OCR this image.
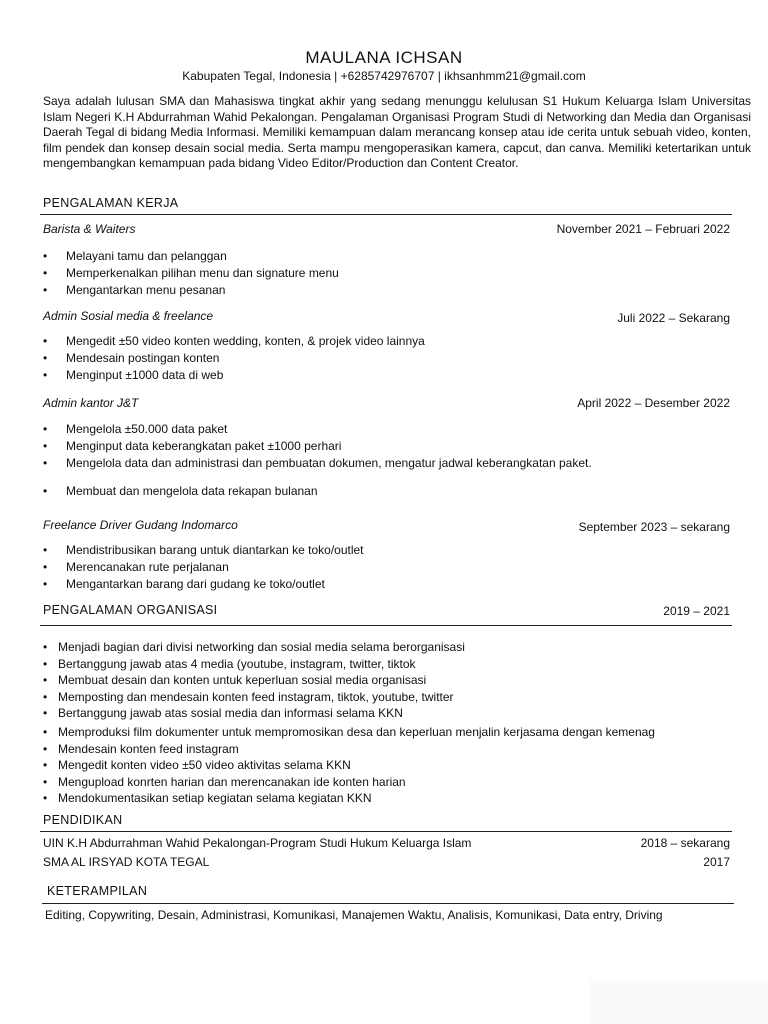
MAULANA ICHSAN
Kabupaten Tegal, Indonesia | +6285742976707 | ikhsanhmm21@gmail.com
Saya adalah lulusan SMA dan Mahasiswa tingkat akhir yang sedang menunggu kelulusan S1 Hukum Keluarga Islam Universitas Islam Negeri K.H Abdurrahman Wahid Pekalongan. Pengalaman Organisasi Program Studi di Networking dan Media dan Organisasi Daerah Tegal di bidang Media Informasi. Memiliki kemampuan dalam merancang konsep atau ide cerita untuk sebuah video, konten, film pendek dan konsep desain social media. Serta mampu mengoperasikan kamera, capcut, dan canva. Memiliki ketertarikan untuk mengembangkan kemampuan pada bidang Video Editor/Production dan Content Creator.
PENGALAMAN KERJA
Barista & Waiters	November 2021 – Februari 2022
• Melayani tamu dan pelanggan
• Memperkenalkan pilihan menu dan signature menu
• Mengantarkan menu pesanan
Admin Sosial media & freelance	Juli 2022 – Sekarang
• Mengedit ±50 video konten wedding, konten, & projek video lainnya
• Mendesain postingan konten
• Menginput ±1000 data di web
Admin kantor J&T	April 2022 – Desember 2022
• Mengelola ±50.000 data paket
• Menginput data keberangkatan paket ±1000 perhari
• Mengelola data dan administrasi dan pembuatan dokumen, mengatur jadwal keberangkatan paket.
• Membuat dan mengelola data rekapan bulanan
Freelance Driver Gudang Indomarco	September 2023 – sekarang
• Mendistribusikan barang untuk diantarkan ke toko/outlet
• Merencanakan rute perjalanan
• Mengantarkan barang dari gudang ke toko/outlet
PENGALAMAN ORGANISASI	2019 – 2021
• Menjadi bagian dari divisi networking dan sosial media selama berorganisasi
• Bertanggung jawab atas 4 media (youtube, instagram, twitter, tiktok
• Membuat desain dan konten untuk keperluan sosial media organisasi
• Memposting dan mendesain konten feed instagram, tiktok, youtube, twitter
• Bertanggung jawab atas sosial media dan informasi selama KKN
• Memproduksi film dokumenter untuk mempromosikan desa dan keperluan menjalin kerjasama dengan kemenag
• Mendesain konten feed instagram
• Mengedit konten video ±50 video aktivitas selama KKN
• Mengupload konrten harian dan merencanakan ide konten harian
• Mendokumentasikan setiap kegiatan selama kegiatan KKN
PENDIDIKAN
UIN K.H Abdurrahman Wahid Pekalongan-Program Studi Hukum Keluarga Islam	2018 – sekarang
SMA AL IRSYAD KOTA TEGAL	2017
KETERAMPILAN
Editing, Copywriting, Desain, Administrasi, Komunikasi, Manajemen Waktu, Analisis, Komunikasi, Data entry, Driving
